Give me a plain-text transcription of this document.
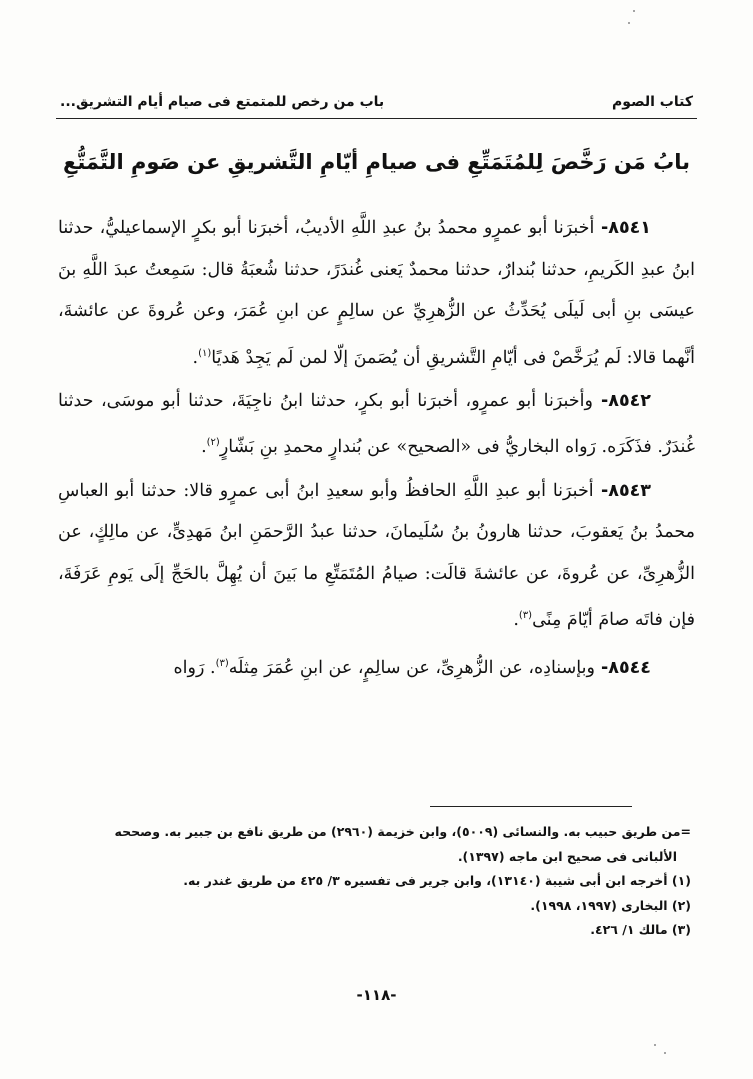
كتاب الصوم
باب من رخص للمتمتع فى صيام أيام التشريق...
بابُ مَن رَخَّصَ لِلمُتَمَتِّعِ فى صيامِ أيّامِ التَّشريقِ عن صَومِ التَّمَتُّعِ

٨٥٤١- أخبرَنا أبو عمرٍو محمدُ بنُ عبدِ اللَّهِ الأديبُ، أخبرَنا أبو بكرٍ الإسماعيليُّ، حدثنا ابنُ عبدِ الكَريمِ، حدثنا بُندارٌ، حدثنا محمدٌ يَعنى غُندَرً، حدثنا شُعبَةُ قال: سَمِعتُ عبدَ اللَّهِ بنَ عيسَى بنِ أبى لَيلَى يُحَدِّثُ عن الزُّهرِيِّ عن سالِمٍ عن ابنِ عُمَرَ، وعن عُروةَ عن عائشةَ، أنَّهما قالا: لَم يُرَخَّصْ فى أيّامِ التَّشريقِ أن يُصَمنَ إلّا لمن لَم يَجِدْ هَديًا$^{(١)}$.

٨٥٤٢- وأخبرَنا أبو عمرٍو، أخبرَنا أبو بكرٍ، حدثنا ابنُ ناجِيَةَ، حدثنا أبو موسَى، حدثنا غُندَرٌ. فذَكَرَه. رَواه البخاريُّ فى «الصحيح» عن بُندارٍ محمدِ بنِ بَشّارٍ$^{(٢)}$.

٨٥٤٣- أخبرَنا أبو عبدِ اللَّهِ الحافظُ وأبو سعيدِ ابنُ أبى عمرٍو قالا: حدثنا أبو العباسِ محمدُ بنُ يَعقوبَ، حدثنا هارونُ بنُ سُلَيمانَ، حدثنا عبدُ الرَّحمَنِ ابنُ مَهدِىٍّ، عن مالِكٍ، عن الزُّهرِىِّ، عن عُروةَ، عن عائشةَ قالَت: صيامُ المُتَمَتِّعِ ما بَينَ أن يُهِلَّ بالحَجِّ إلَى يَومِ عَرَفَةَ، فإن فاتَه صامَ أيّامَ مِنًى$^{(٣)}$.

٨٥٤٤- وبإسنادِه، عن الزُّهرِىِّ، عن سالِمٍ، عن ابنِ عُمَرَ مِثلَه$^{(٣)}$. رَواه

=من طريق حبيب به. والنسائى (٥٠٠٩)، وابن خزيمة (٢٩٦٠) من طريق نافع بن جبير به. وصححه

الألبانى فى صحيح ابن ماجه (١٣٩٧).

(١) أخرجه ابن أبى شيبة (١٣١٤٠)، وابن جرير فى تفسيره ٣/ ٤٢٥ من طريق غندر به.

(٢) البخارى (١٩٩٧، ١٩٩٨).

(٣) مالك ١/ ٤٢٦.

-١١٨-
